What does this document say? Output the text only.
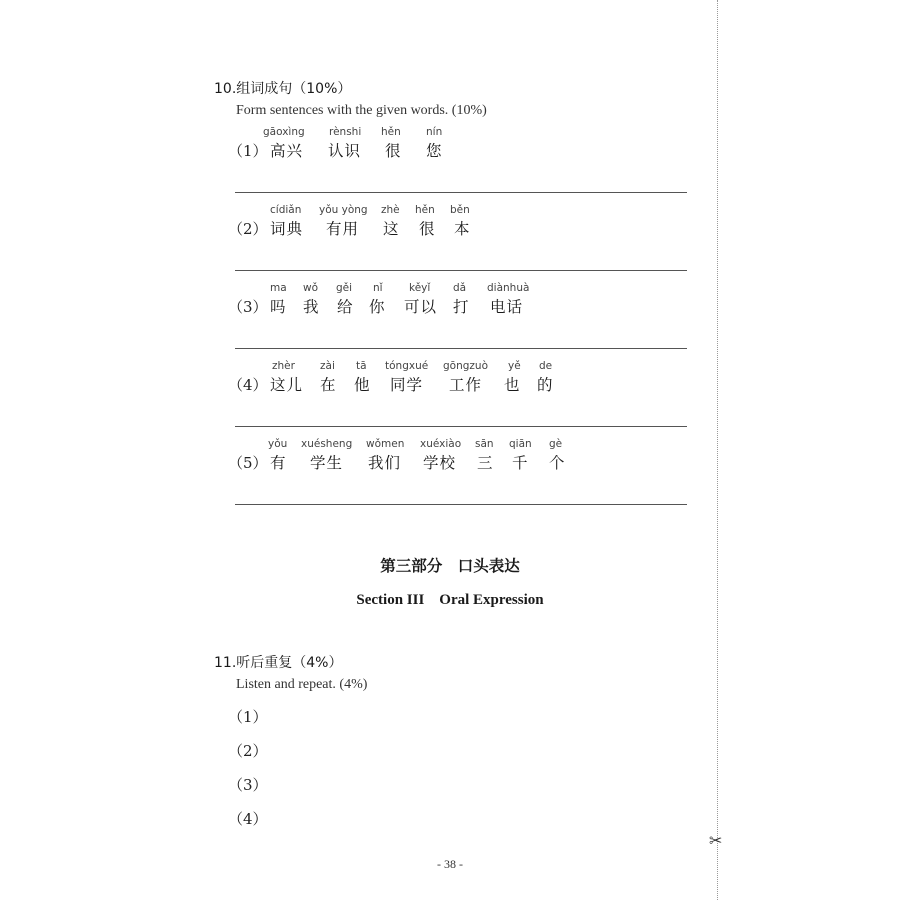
10.组词成句（10%）
Form sentences with the given words. (10%)
（1）
gāoxìng
高兴
rènshi
认识
hěn
很
nín
您
（2）
cídiǎn
词典
yǒu yòng
有用
zhè
这
hěn
很
běn
本
（3）
ma
吗
wǒ
我
gěi
给
nǐ
你
kěyǐ
可以
dǎ
打
diànhuà
电话
（4）
zhèr
这儿
zài
在
tā
他
tóngxué
同学
gōngzuò
工作
yě
也
de
的
（5）
yǒu
有
xuésheng
学生
wǒmen
我们
xuéxiào
学校
sān
三
qiān
千
gè
个
第三部分　口头表达
Section III　Oral Expression
11.听后重复（4%）
Listen and repeat. (4%)
（1）
（2）
（3）
（4）
- 38 -
✂
